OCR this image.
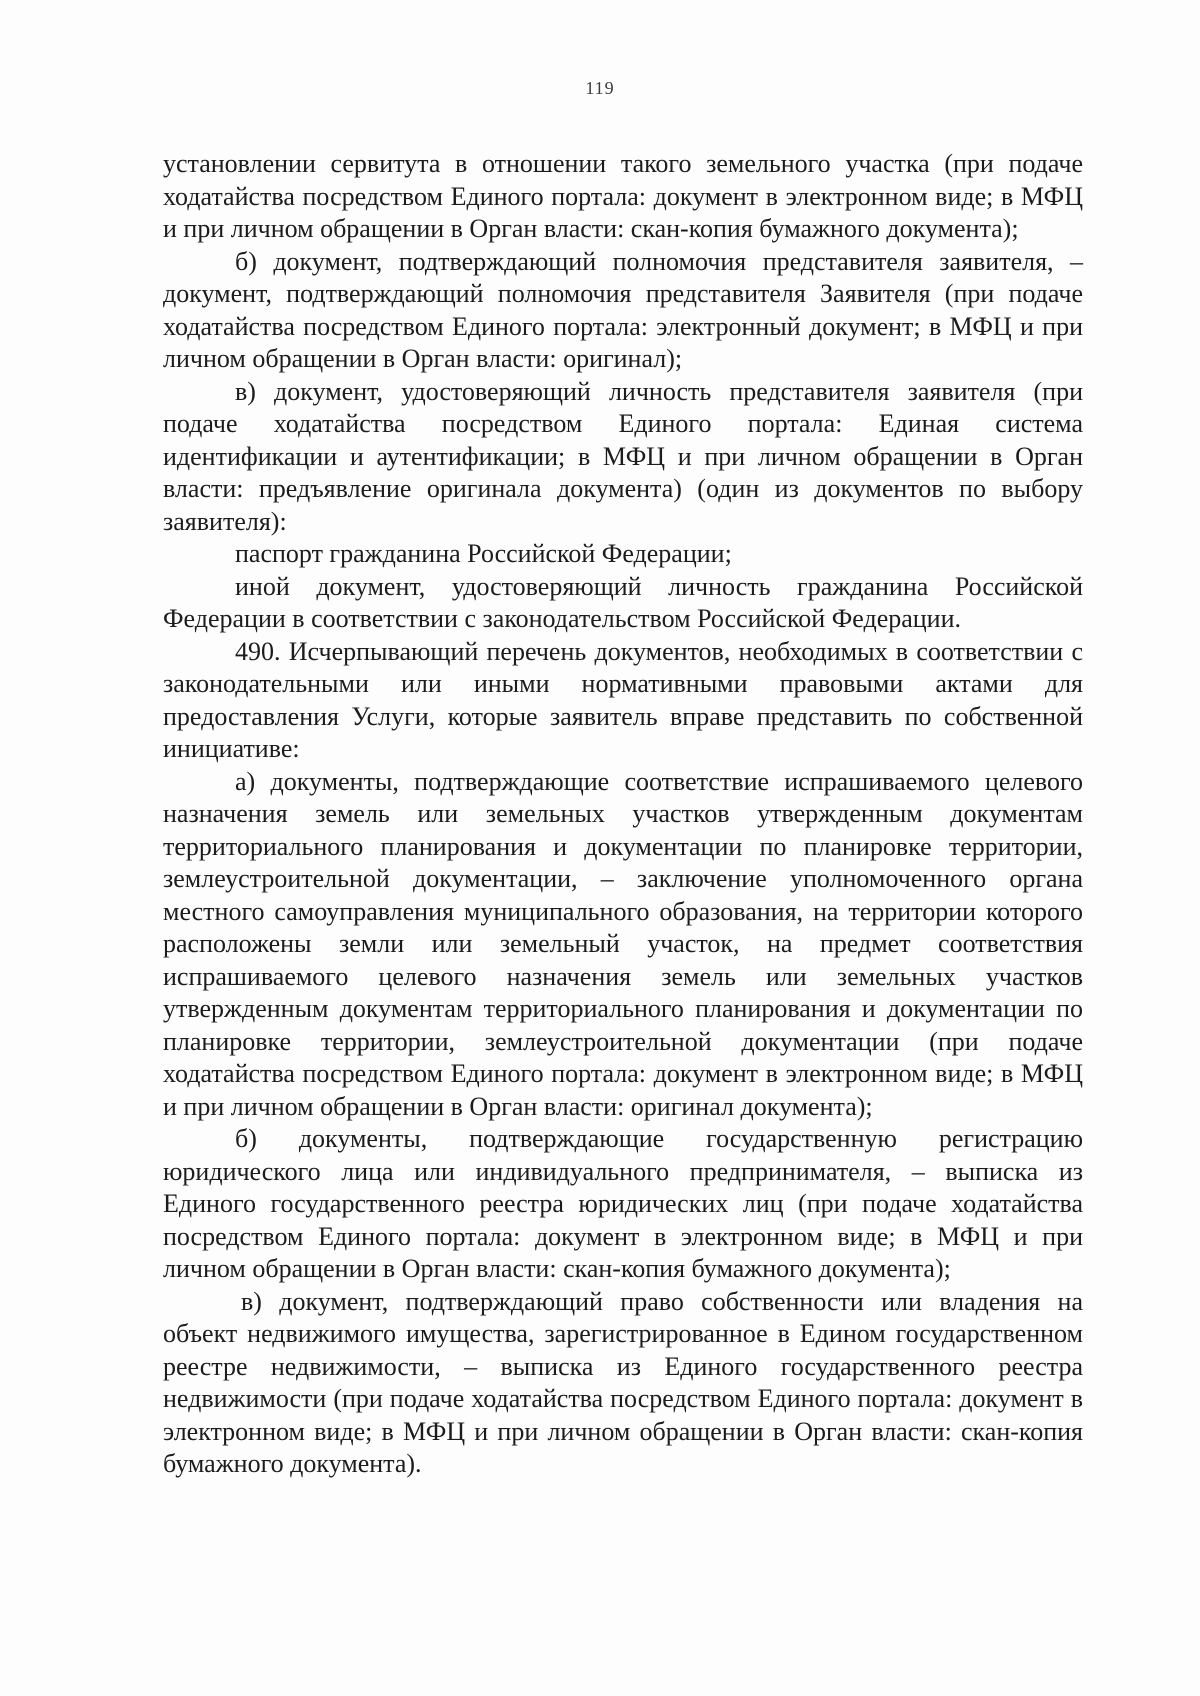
119

установлении сервитута в отношении такого земельного участка (при подаче ходатайства посредством Единого портала: документ в электронном виде; в МФЦ и при личном обращении в Орган власти: скан-копия бумажного документа);

б) документ, подтверждающий полномочия представителя заявителя, – документ, подтверждающий полномочия представителя Заявителя (при подаче ходатайства посредством Единого портала: электронный документ; в МФЦ и при личном обращении в Орган власти: оригинал);

в) документ, удостоверяющий личность представителя заявителя (при подаче ходатайства посредством Единого портала: Единая система идентификации и аутентификации; в МФЦ и при личном обращении в Орган власти: предъявление оригинала документа) (один из документов по выбору заявителя):

паспорт гражданина Российской Федерации;

иной документ, удостоверяющий личность гражданина Российской Федерации в соответствии с законодательством Российской Федерации.

490. Исчерпывающий перечень документов, необходимых в соответствии с законодательными или иными нормативными правовыми актами для предоставления Услуги, которые заявитель вправе представить по собственной инициативе:

а) документы, подтверждающие соответствие испрашиваемого целевого назначения земель или земельных участков утвержденным документам территориального планирования и документации по планировке территории, землеустроительной документации, – заключение уполномоченного органа местного самоуправления муниципального образования, на территории которого расположены земли или земельный участок, на предмет соответствия испрашиваемого целевого назначения земель или земельных участков утвержденным документам территориального планирования и документации по планировке территории, землеустроительной документации (при подаче ходатайства посредством Единого портала: документ в электронном виде; в МФЦ и при личном обращении в Орган власти: оригинал документа);

б) документы, подтверждающие государственную регистрацию юридического лица или индивидуального предпринимателя, – выписка из Единого государственного реестра юридических лиц (при подаче ходатайства посредством Единого портала: документ в электронном виде; в МФЦ и при личном обращении в Орган власти: скан-копия бумажного документа);

в) документ, подтверждающий право собственности или владения на объект недвижимого имущества, зарегистрированное в Едином государственном реестре недвижимости, – выписка из Единого государственного реестра недвижимости (при подаче ходатайства посредством Единого портала: документ в электронном виде; в МФЦ и при личном обращении в Орган власти: скан-копия бумажного документа).
